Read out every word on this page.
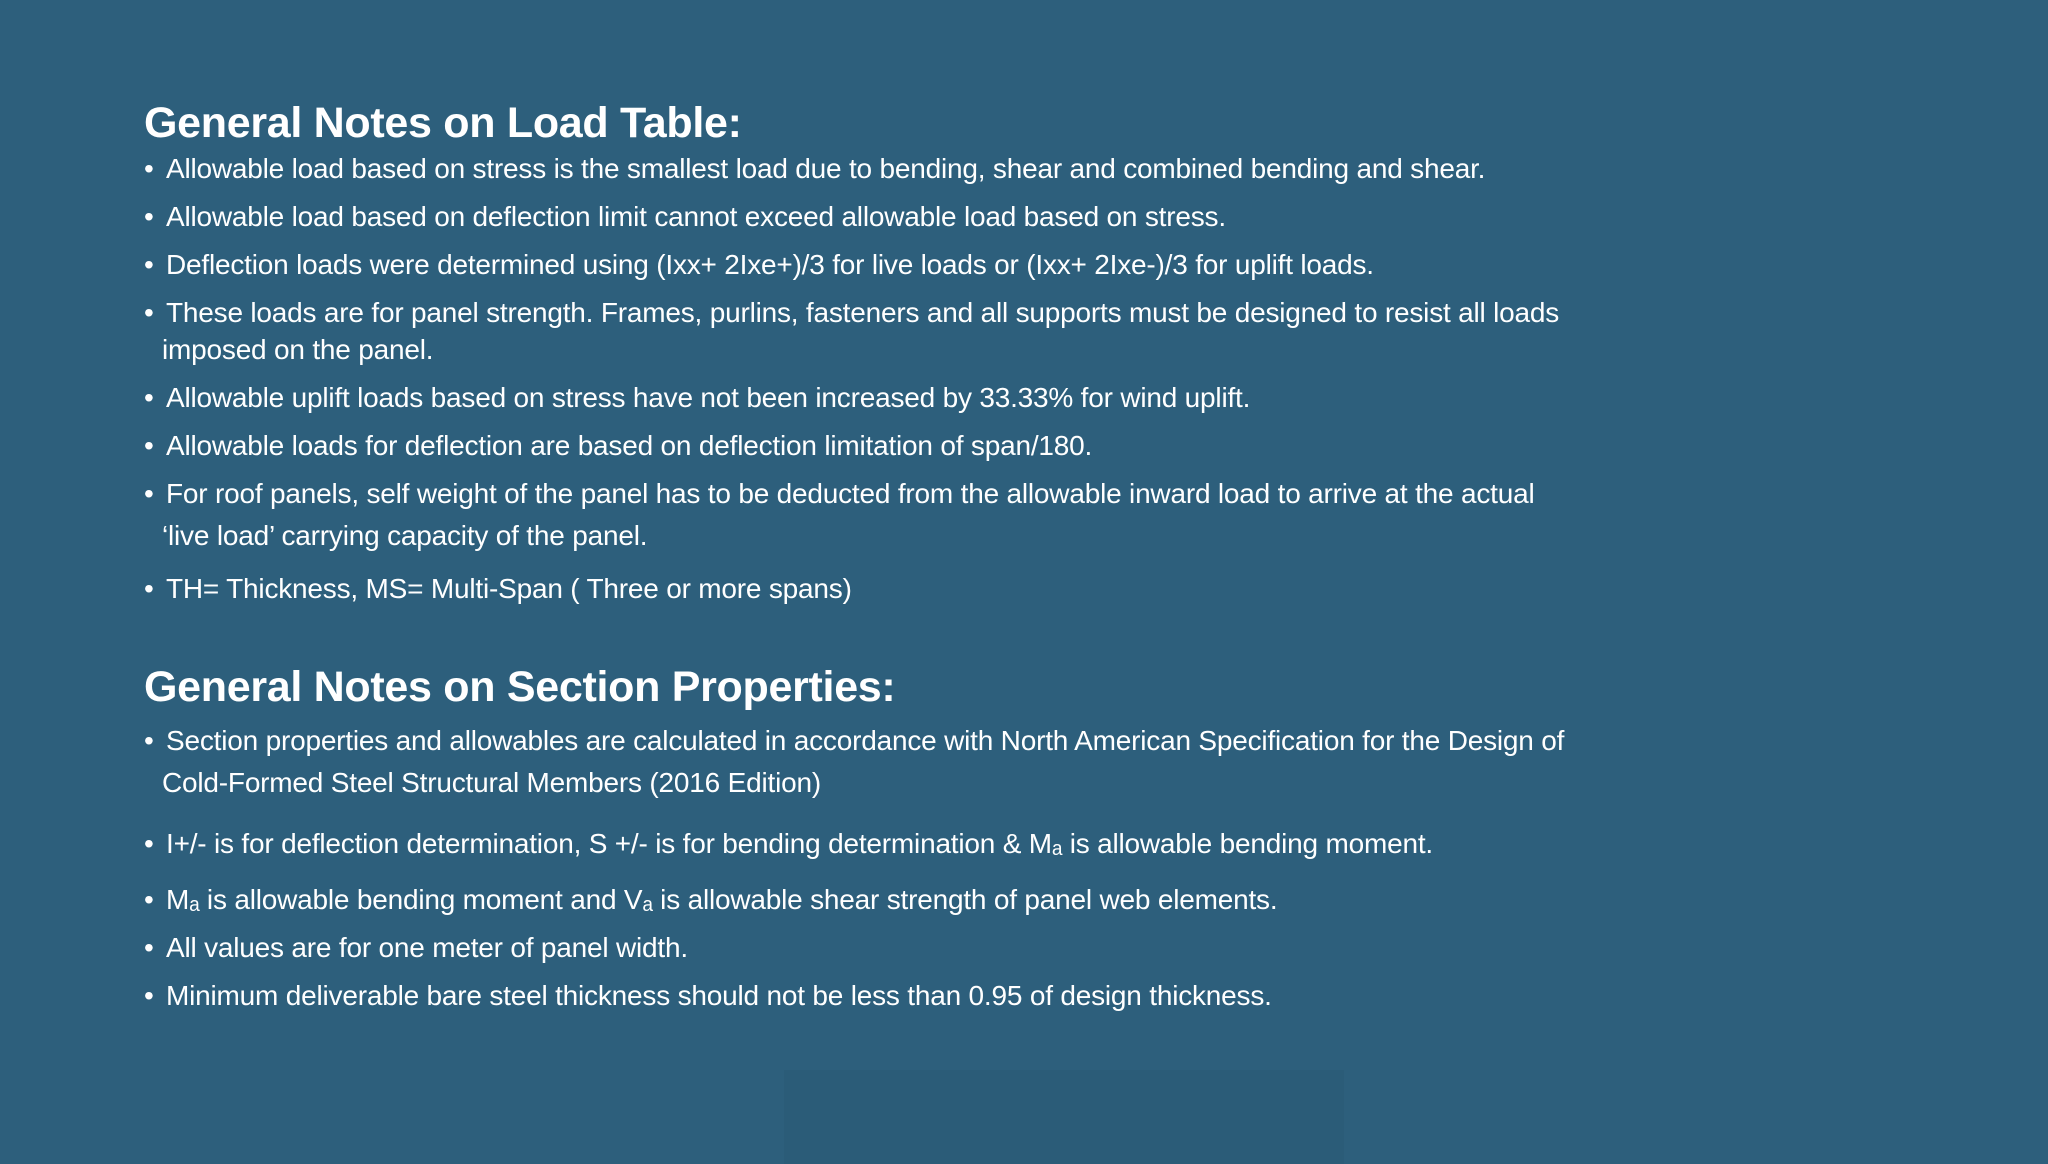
General Notes on Load Table:
• Allowable load based on stress is the smallest load due to bending, shear and combined bending and shear.
• Allowable load based on deflection limit cannot exceed allowable load based on stress.
• Deflection loads were determined using (Ixx+ 2Ixe+)/3 for live loads or (Ixx+ 2Ixe-)/3 for uplift loads.
• These loads are for panel strength. Frames, purlins, fasteners and all supports must be designed to resist all loads
imposed on the panel.
• Allowable uplift loads based on stress have not been increased by 33.33% for wind uplift.
• Allowable loads for deflection are based on deflection limitation of span/180.
• For roof panels, self weight of the panel has to be deducted from the allowable inward load to arrive at the actual
‘live load’ carrying capacity of the panel.
• TH= Thickness, MS= Multi-Span ( Three or more spans)
General Notes on Section Properties:
• Section properties and allowables are calculated in accordance with North American Specification for the Design of
Cold-Formed Steel Structural Members (2016 Edition)
• I+/- is for deflection determination, S +/- is for bending determination & Mₐ is allowable bending moment.
• Mₐ is allowable bending moment and Vₐ is allowable shear strength of panel web elements.
• All values are for one meter of panel width.
• Minimum deliverable bare steel thickness should not be less than 0.95 of design thickness.
